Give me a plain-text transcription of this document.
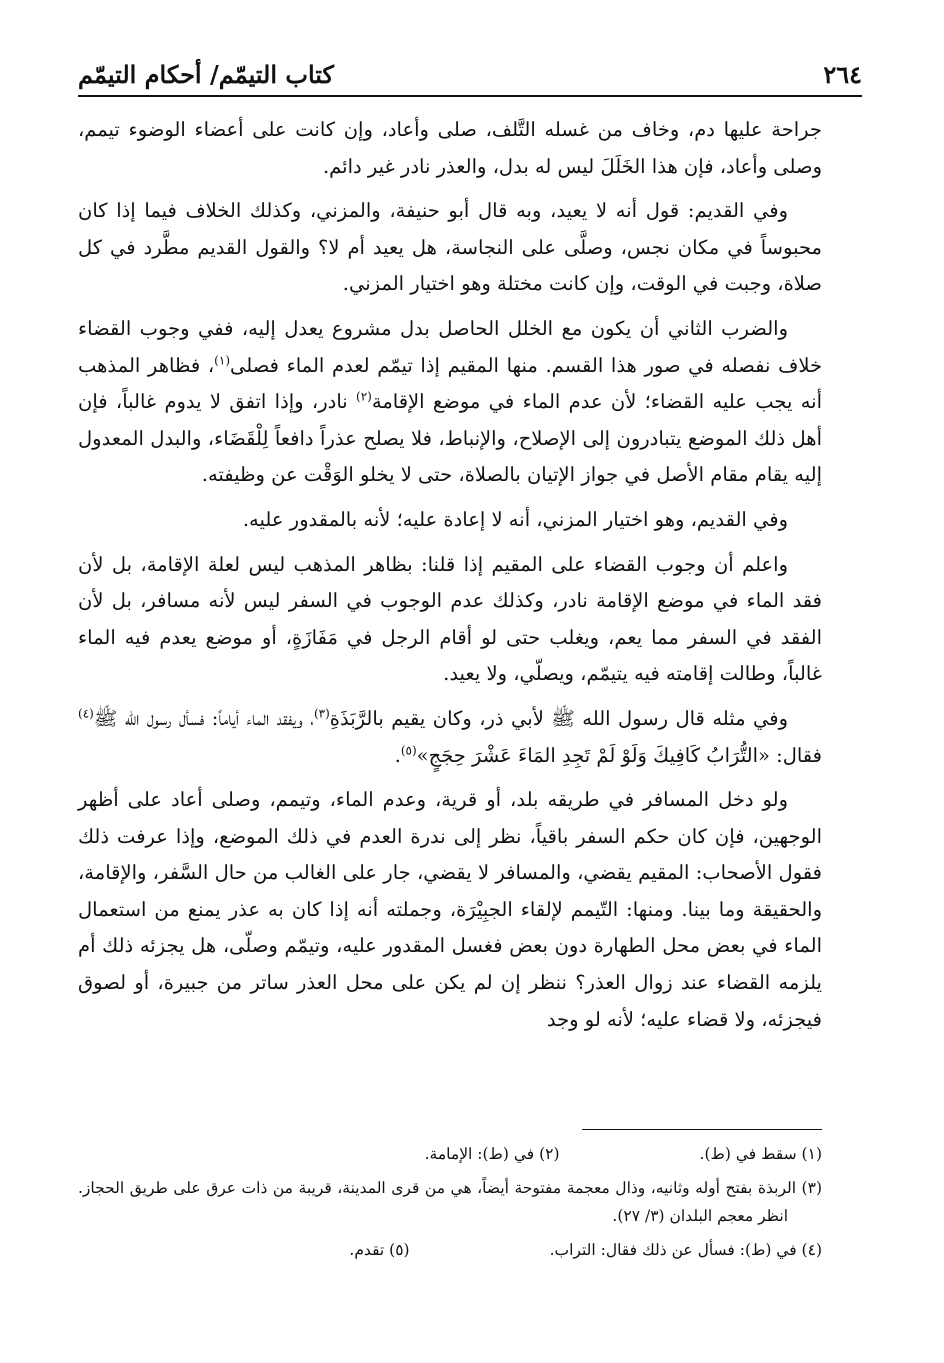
٢٦٤
كتاب التيمّم/ أحكام التيمّم

جراحة عليها دم، وخاف من غسله التَّلف، صلى وأعاد، وإن كانت على أعضاء الوضوء تيمم، وصلى وأعاد، فإن هذا الخَلَلَ ليس له بدل، والعذر نادر غير دائم.

وفي القديم: قول أنه لا يعيد، وبه قال أبو حنيفة، والمزني، وكذلك الخلاف فيما إذا كان محبوساً في مكان نجس، وصلَّى على النجاسة، هل يعيد أم لا؟ والقول القديم مطَّرد في كل صلاة، وجبت في الوقت، وإن كانت مختلة وهو اختيار المزني.

والضرب الثاني أن يكون مع الخلل الحاصل بدل مشروع يعدل إليه، ففي وجوب القضاء خلاف نفصله في صور هذا القسم. منها المقيم إذا تيمّم لعدم الماء فصلى$^{(١)}$، فظاهر المذهب أنه يجب عليه القضاء؛ لأن عدم الماء في موضع الإقامة$^{(٢)}$ نادر، وإذا اتفق لا يدوم غالباً، فإن أهل ذلك الموضع يتبادرون إلى الإصلاح، والإنباط، فلا يصلح عذراً دافعاً لِلْقَضَاء، والبدل المعدول إليه يقام مقام الأصل في جواز الإتيان بالصلاة، حتى لا يخلو الوَقْت عن وظيفته.

وفي القديم، وهو اختيار المزني، أنه لا إعادة عليه؛ لأنه بالمقدور عليه.

واعلم أن وجوب القضاء على المقيم إذا قلنا: بظاهر المذهب ليس لعلة الإقامة، بل لأن فقد الماء في موضع الإقامة نادر، وكذلك عدم الوجوب في السفر ليس لأنه مسافر، بل لأن الفقد في السفر مما يعم، ويغلب حتى لو أقام الرجل في مَفَازَةٍ، أو موضع يعدم فيه الماء غالباً، وطالت إقامته فيه يتيمّم، ويصلّي، ولا يعيد.

وفي مثله قال رسول الله ﷺ لأبي ذر، وكان يقيم بالرَّبَذَةِ$^{(٣)}$، ويفقد الماء أياماً: فسأل رسول الله ﷺ$^{(٤)}$ فقال: «التُّرَابُ كَافِيكَ وَلَوْ لَمْ تَجِدِ المَاءَ عَشْرَ حِجَجٍ»$^{(٥)}$.

ولو دخل المسافر في طريقه بلد، أو قرية، وعدم الماء، وتيمم، وصلى أعاد على أظهر الوجهين، فإن كان حكم السفر باقياً، نظر إلى ندرة العدم في ذلك الموضع، وإذا عرفت ذلك فقول الأصحاب: المقيم يقضي، والمسافر لا يقضي، جار على الغالب من حال السَّفر، والإقامة، والحقيقة وما بينا. ومنها: التّيمم لإلقاء الجبِيْرَة، وجملته أنه إذا كان به عذر يمنع من استعمال الماء في بعض محل الطهارة دون بعض فغسل المقدور عليه، وتيمّم وصلّى، هل يجزئه ذلك أم يلزمه القضاء عند زوال العذر؟ ننظر إن لم يكن على محل العذر ساتر من جبيرة، أو لصوق فيجزئه، ولا قضاء عليه؛ لأنه لو وجد

(١) سقط في (ط).
(٢) في (ط): الإمامة.
(٣) الربذة بفتح أوله وثانيه، وذال معجمة مفتوحة أيضاً، هي من قرى المدينة، قريبة من ذات عرق على طريق الحجاز. انظر معجم البلدان (٣/ ٢٧).
(٤) في (ط): فسأل عن ذلك فقال: التراب.
(٥) تقدم.
